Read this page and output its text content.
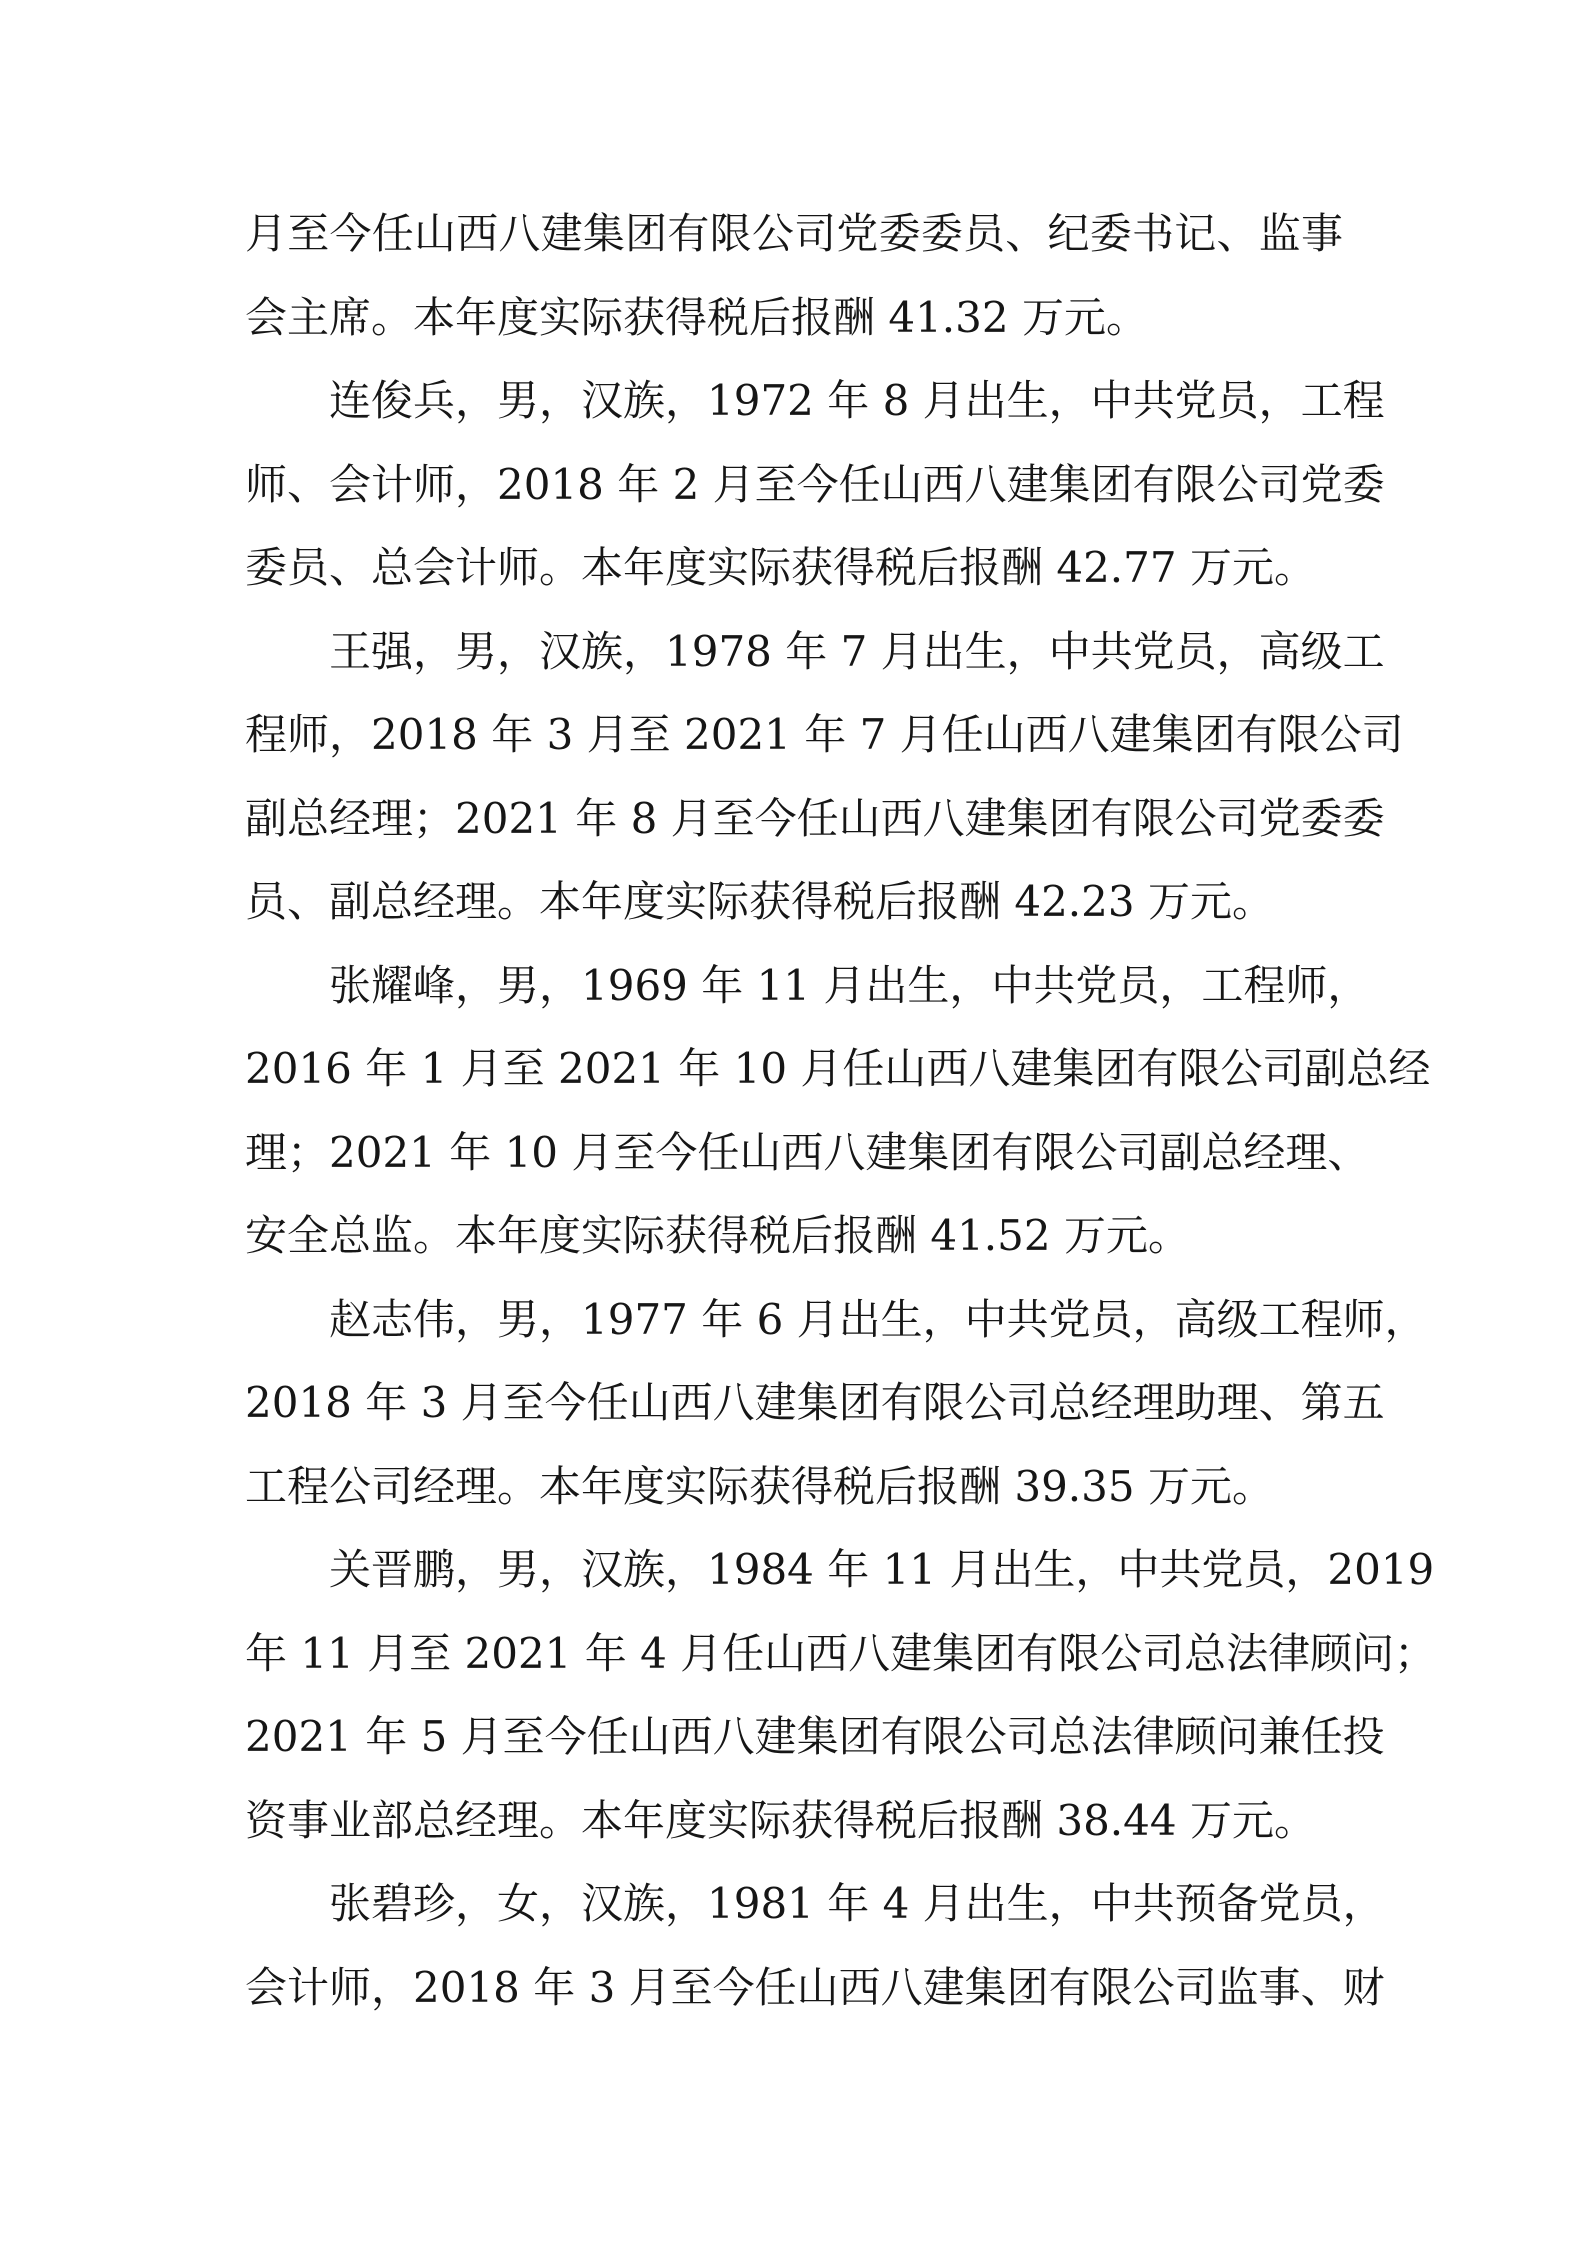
月至今任山西八建集团有限公司党委委员、纪委书记、监事
会主席。本年度实际获得税后报酬 41.32 万元。
连俊兵，男，汉族，1972 年 8 月出生，中共党员，工程
师、会计师，2018 年 2 月至今任山西八建集团有限公司党委
委员、总会计师。本年度实际获得税后报酬 42.77 万元。
王强，男，汉族，1978 年 7 月出生，中共党员，高级工
程师，2018 年 3 月至 2021 年 7 月任山西八建集团有限公司
副总经理；2021 年 8 月至今任山西八建集团有限公司党委委
员、副总经理。本年度实际获得税后报酬 42.23 万元。
张耀峰，男，1969 年 11 月出生，中共党员，工程师，
2016 年 1 月至 2021 年 10 月任山西八建集团有限公司副总经
理；2021 年 10 月至今任山西八建集团有限公司副总经理、
安全总监。本年度实际获得税后报酬 41.52 万元。
赵志伟，男，1977 年 6 月出生，中共党员，高级工程师，
2018 年 3 月至今任山西八建集团有限公司总经理助理、第五
工程公司经理。本年度实际获得税后报酬 39.35 万元。
关晋鹏，男，汉族，1984 年 11 月出生，中共党员，2019
年 11 月至 2021 年 4 月任山西八建集团有限公司总法律顾问；
2021 年 5 月至今任山西八建集团有限公司总法律顾问兼任投
资事业部总经理。本年度实际获得税后报酬 38.44 万元。
张碧珍，女，汉族，1981 年 4 月出生，中共预备党员，
会计师，2018 年 3 月至今任山西八建集团有限公司监事、财
